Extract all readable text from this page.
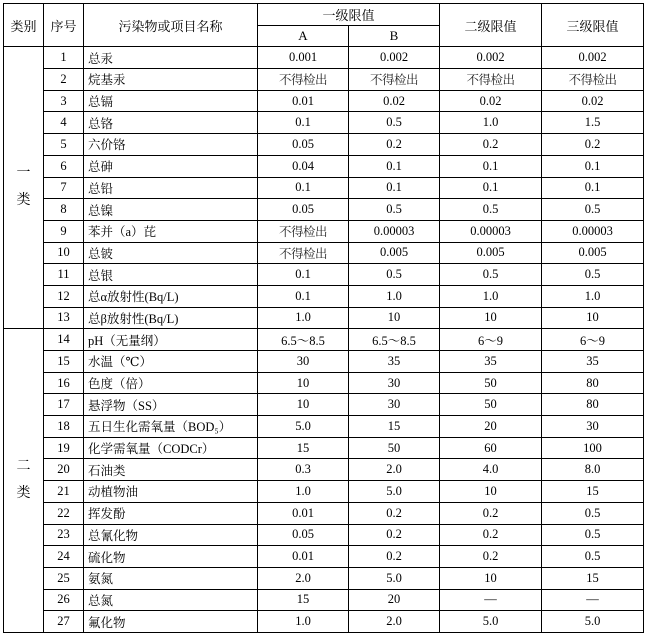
类别	序号	污染物或项目名称	一级限值		二级限值	三级限值
			A	B		
一
类	1	总汞	0.001	0.002	0.002	0.002
	2	烷基汞	不得检出	不得检出	不得检出	不得检出
	3	总镉	0.01	0.02	0.02	0.02
	4	总铬	0.1	0.5	1.0	1.5
	5	六价铬	0.05	0.2	0.2	0.2
	6	总砷	0.04	0.1	0.1	0.1
	7	总铅	0.1	0.1	0.1	0.1
	8	总镍	0.05	0.5	0.5	0.5
	9	苯并（a）芘	不得检出	0.00003	0.00003	0.00003
	10	总铍	不得检出	0.005	0.005	0.005
	11	总银	0.1	0.5	0.5	0.5
	12	总α放射性(Bq/L)	0.1	1.0	1.0	1.0
	13	总β放射性(Bq/L)	1.0	10	10	10
二
类	14	pH（无量纲）	6.5～8.5	6.5～8.5	6～9	6～9
	15	水温（℃）	30	35	35	35
	16	色度（倍）	10	30	50	80
	17	悬浮物（SS）	10	30	50	80
	18	五日生化需氧量（BOD₅）	5.0	15	20	30
	19	化学需氧量（CODCr）	15	50	60	100
	20	石油类	0.3	2.0	4.0	8.0
	21	动植物油	1.0	5.0	10	15
	22	挥发酚	0.01	0.2	0.2	0.5
	23	总氰化物	0.05	0.2	0.2	0.5
	24	硫化物	0.01	0.2	0.2	0.5
	25	氨氮	2.0	5.0	10	15
	26	总氮	15	20	—	—
	27	氟化物	1.0	2.0	5.0	5.0
